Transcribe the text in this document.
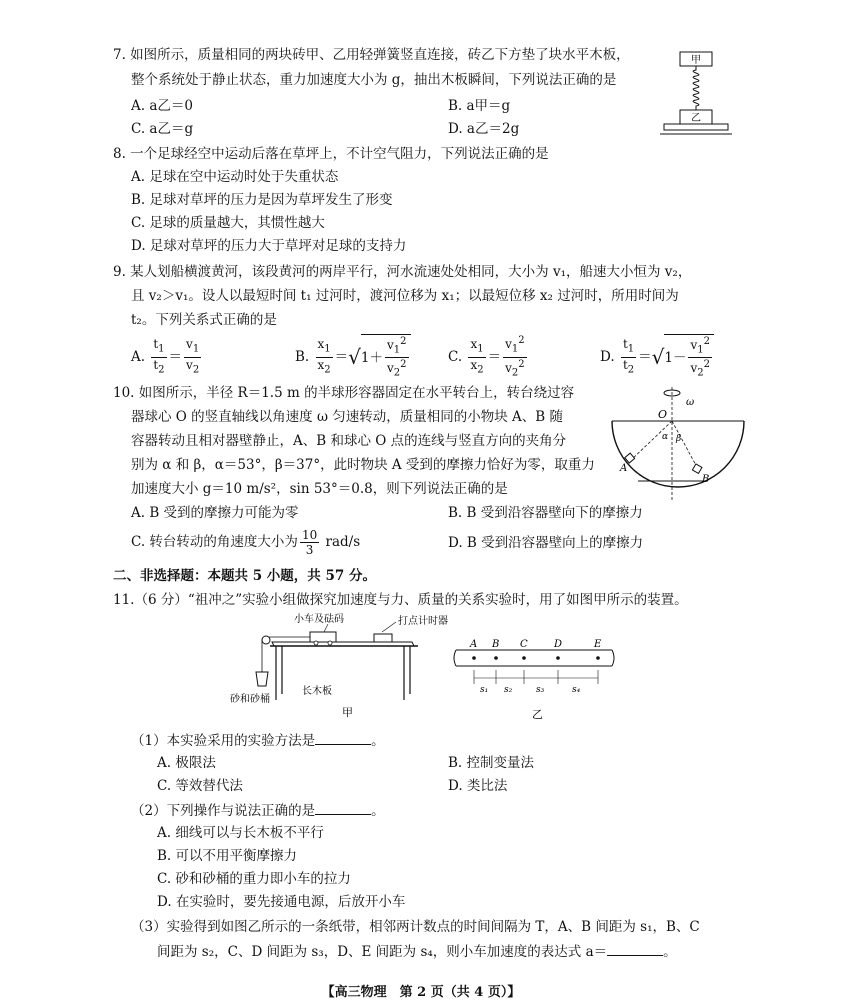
7. 如图所示，质量相同的两块砖甲、乙用轻弹簧竖直连接，砖乙下方垫了块水平木板，
整个系统处于静止状态，重力加速度大小为 g，抽出木板瞬间，下列说法正确的是
A. a乙＝0	B. a甲＝g
C. a乙＝g	D. a乙＝2g
甲
乙
8. 一个足球经空中运动后落在草坪上，不计空气阻力，下列说法正确的是
A. 足球在空中运动时处于失重状态
B. 足球对草坪的压力是因为草坪发生了形变
C. 足球的质量越大，其惯性越大
D. 足球对草坪的压力大于草坪对足球的支持力
9. 某人划船横渡黄河，该段黄河的两岸平行，河水流速处处相同，大小为 v₁，船速大小恒为 v₂，
且 v₂＞v₁。设人以最短时间 t₁ 过河时，渡河位移为 x₁；以最短位移 x₂ 过河时，所用时间为
t₂。下列关系式正确的是
A.
$\frac{t_1}{t_2} = \frac{v_1}{v_2}$	B.
$\frac{x_1}{x_2}$ ＝ √ $1+ \frac{v_1^2}{v_2^2}$	C.
$\frac{x_1}{x_2} = \frac{v_1^2}{v_2^2}$	D.
$\frac{t_1}{t_2}$ ＝ √ $1- \frac{v_1^2}{v_2^2}$
10. 如图所示，半径 R＝1.5 m 的半球形容器固定在水平转台上，转台绕过容
器球心 O 的竖直轴线以角速度 ω 匀速转动，质量相同的小物块 A、B 随
容器转动且相对器壁静止，A、B 和球心 O 点的连线与竖直方向的夹角分
别为 α 和 β，α＝53°，β＝37°，此时物块 A 受到的摩擦力恰好为零，取重力
加速度大小 g＝10 m/s²，sin 53°＝0.8，则下列说法正确的是
A. B 受到的摩擦力可能为零	B. B 受到沿容器壁向下的摩擦力
C. 转台转动的角速度大小为 $\frac{10}{3}$
rad/s	D. B 受到沿容器壁向上的摩擦力
ω
O
α β
A
B
二、非选择题：本题共 5 小题，共 57 分。
11.（6 分）“祖冲之”实验小组做探究加速度与力、质量的关系实验时，用了如图甲所示的装置。
小车及砝码	打点计时器
砂和砂桶
长木板
甲
A B C	D	E
s₁ s₂	s₃	s₄
乙
（1）本实验采用的实验方法是	。
A. 极限法	B. 控制变量法
C. 等效替代法	D. 类比法
（2）下列操作与说法正确的是	。
A. 细线可以与长木板不平行
B. 可以不用平衡摩擦力
C. 砂和砂桶的重力即小车的拉力
D. 在实验时，要先接通电源，后放开小车
（3）实验得到如图乙所示的一条纸带，相邻两计数点的时间间隔为 T，A、B 间距为 s₁，B、C
间距为 s₂，C、D 间距为 s₃，D、E 间距为 s₄，则小车加速度的表达式 a＝	。
【高三物理　第 2 页（共 4 页）】
